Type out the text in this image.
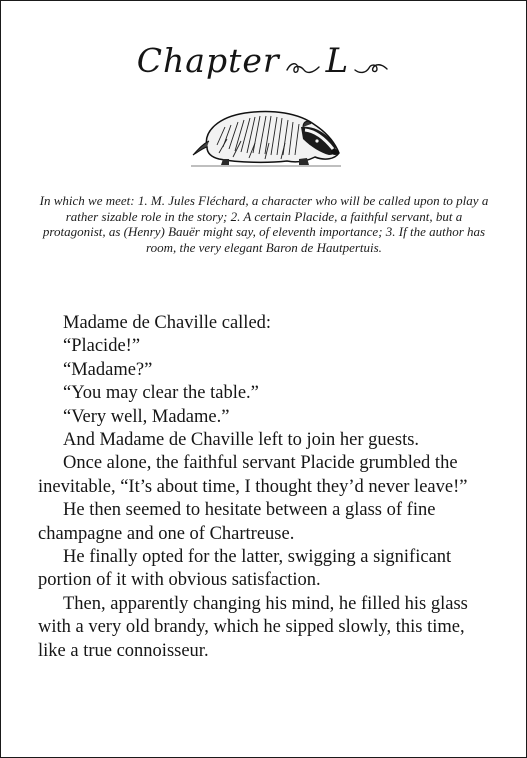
Chapter L
In which we meet: 1. M. Jules Fléchard, a character who will be called upon to play a rather sizable role in the story; 2. A certain Placide, a faithful servant, but a protagonist, as (Henry) Bauër might say, of eleventh importance; 3. If the author has room, the very elegant Baron de Hautpertuis.

Madame de Chaville called:

“Placide!”

“Madame?”

“You may clear the table.”

“Very well, Madame.”

And Madame de Chaville left to join her guests.

Once alone, the faithful servant Placide grumbled the inevitable, “It’s about time, I thought they’d never leave!”

He then seemed to hesitate between a glass of fine champagne and one of Chartreuse.

He finally opted for the latter, swigging a significant portion of it with obvious satisfaction.

Then, apparently changing his mind, he filled his glass with a very old brandy, which he sipped slowly, this time, like a true connoisseur.
